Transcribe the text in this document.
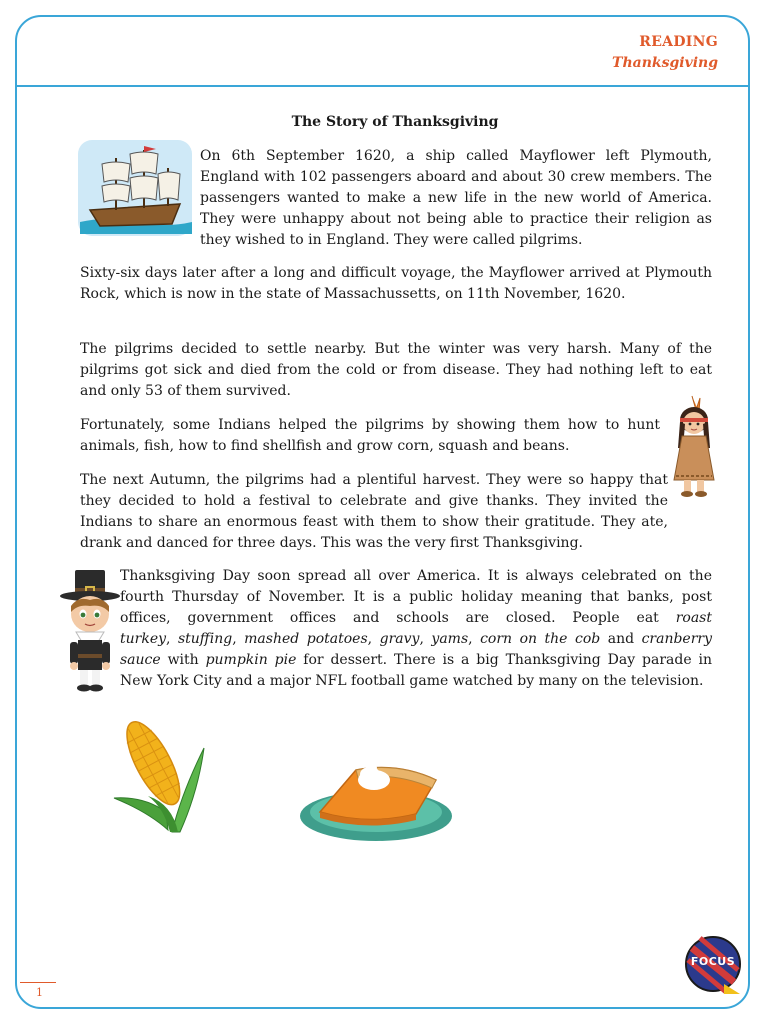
READING
Thanksgiving
The Story of Thanksgiving
On 6th September 1620, a ship called Mayflower left Plymouth, England with 102 passengers aboard and about 30 crew members. The passengers wanted to make a new life in the new world of America. They were unhappy about not being able to practice their religion as they wished to in England. They were called pilgrims.
Sixty-six days later after a long and difficult voyage, the Mayflower arrived at Plymouth Rock, which is now in the state of Massachussetts, on 11th November, 1620.
The pilgrims decided to settle nearby. But the winter was very harsh. Many of the pilgrims got sick and died from the cold or from disease. They had nothing left to eat and only 53 of them survived.
Fortunately, some Indians helped the pilgrims by showing them how to hunt animals, fish, how to find shellfish and grow corn, squash and beans.
The next Autumn, the pilgrims had a plentiful harvest. They were so happy that they decided to hold a festival to celebrate and give thanks. They invited the Indians to share an enormous feast with them to show their gratitude. They ate, drank and danced for three days. This was the very first Thanksgiving.
Thanksgiving Day soon spread all over America. It is always celebrated on the fourth Thursday of November. It is a public holiday meaning that banks, post offices, government offices and schools are closed. People eat roast turkey, stuffing, mashed potatoes, gravy, yams, corn on the cob and cranberry sauce with pumpkin pie for dessert. There is a big Thanksgiving Day parade in New York City and a major NFL football game watched by many on the television.
FOCUS
1
